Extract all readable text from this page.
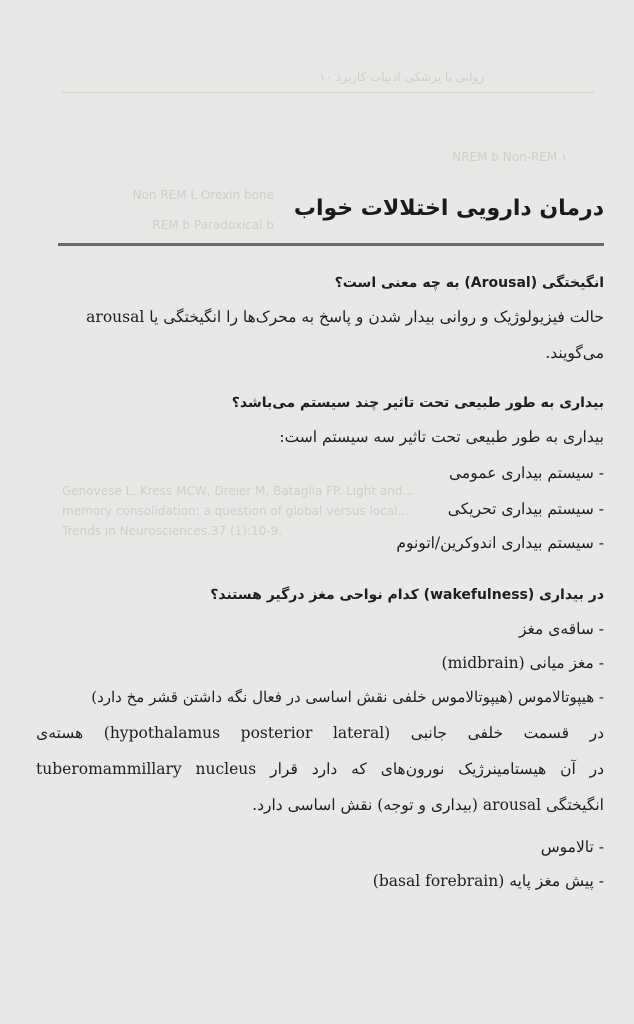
روانی با پزشکی ادبیات کاربرد ۱۰
۱۰ NREM b Non-REM
Non REM L Orexin bone
REM b Paradoxical b
Genovese L, Kress MCW, Dreier M, Bataglia FP. Light and...
memory consolidation: a question of global versus local...
Trends in Neurosciences.37 (1):10-9.
درمان دارویی اختلالات خواب
انگیختگی (Arousal) به چه معنی است؟
حالت فیزیولوژیک و روانی بیدار شدن و پاسخ به محرک‌ها را انگیختگی یا arousal
می‌گویند.
بیداری به طور طبیعی تحت تاثیر چند سیستم می‌باشد؟
بیداری به طور طبیعی تحت تاثیر سه سیستم است:
- سیستم بیداری عمومی
- سیستم بیداری تحریکی
- سیستم بیداری اندوکرین/اتونوم
در بیداری (wakefulness) کدام نواحی مغز درگیر هستند؟
- ساقه‌ی مغز
- مغز میانی (midbrain)
- هیپوتالاموس (هیپوتالاموس خلفی نقش اساسی در فعال نگه داشتن قشر مخ دارد)
در
قسمت
خلفی
جانبی
(lateral
posterior
hypothalamus)
هسته‌ی
tuberomammillary nucleus قرار دارد که نورون‌های هیستامینرژیک آن در
انگیختگی arousal (بیداری و توجه) نقش اساسی دارد.
- تالاموس
- پیش مغز پایه (basal forebrain)
